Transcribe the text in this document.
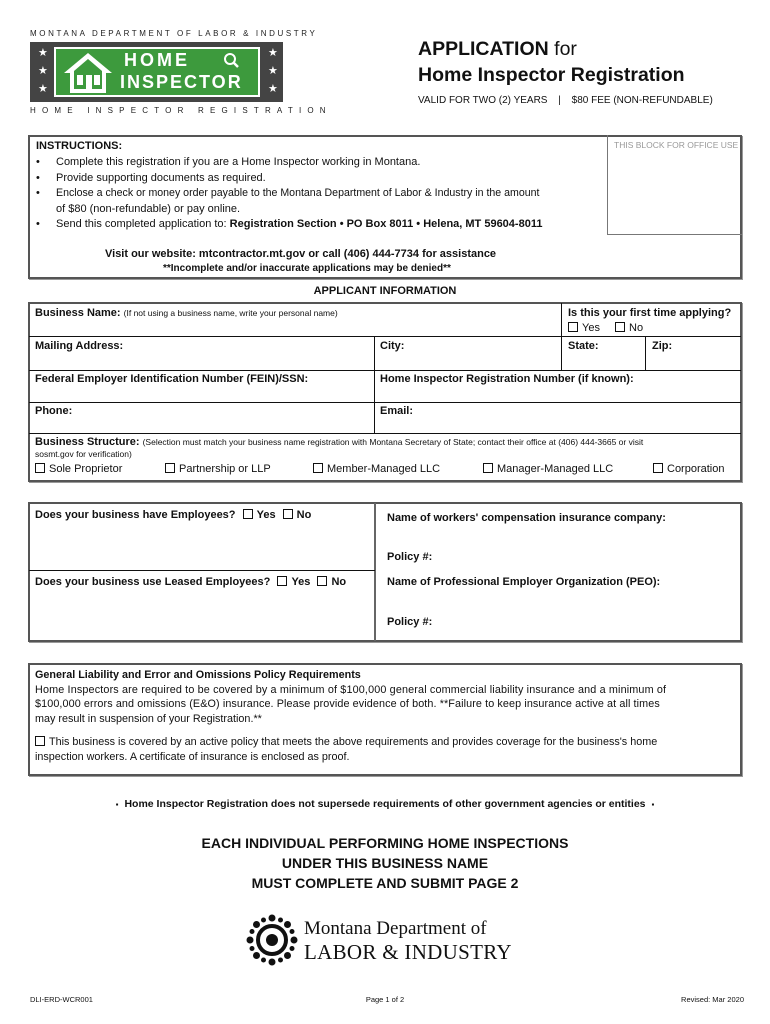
MONTANA DEPARTMENT OF LABOR & INDUSTRY
★
★
★
★
★
★
HOME
INSPECTOR
HOME INSPECTOR REGISTRATION
APPLICATION for
Home Inspector Registration
VALID FOR TWO (2) YEARS | $80 FEE (NON-REFUNDABLE)
THIS BLOCK FOR OFFICE USE
INSTRUCTIONS:
• Complete this registration if you are a Home Inspector working in Montana.
• Provide supporting documents as required.
• Enclose a check or money order payable to the Montana Department of Labor & Industry in the amount
of $80 (non-refundable) or pay online.
• Send this completed application to: Registration Section • PO Box 8011 • Helena, MT 59604-8011
Visit our website: mtcontractor.mt.gov or call (406) 444-7734 for assistance
**Incomplete and/or inaccurate applications may be denied**
APPLICANT INFORMATION
Business Name: (If not using a business name, write your personal name)	Is this your first time applying?
Yes	No
Mailing Address:	City:	State:	Zip:
Federal Employer Identification Number (FEIN)/SSN:	Home Inspector Registration Number (if known):
Phone:	Email:
Business Structure: (Selection must match your business name registration with Montana Secretary of State; contact their office at (406) 444-3665 or visit
sosmt.gov for verification)
Sole Proprietor	Partnership or LLP	Member-Managed LLC	Manager-Managed LLC	Corporation
Does your business have Employees? Yes No	Name of workers' compensation insurance company:
Policy #:
Does your business use Leased Employees? Yes No	Name of Professional Employer Organization (PEO):
Policy #:
General Liability and Error and Omissions Policy Requirements
Home Inspectors are required to be covered by a minimum of $100,000 general commercial liability insurance and a minimum of
$100,000 errors and omissions (E&O) insurance. Please provide evidence of both. **Failure to keep insurance active at all times
may result in suspension of your Registration.**
This business is covered by an active policy that meets the above requirements and provides coverage for the business's home
inspection workers. A certificate of insurance is enclosed as proof.
▪ Home Inspector Registration does not supersede requirements of other government agencies or entities ▪
EACH INDIVIDUAL PERFORMING HOME INSPECTIONS
UNDER THIS BUSINESS NAME
MUST COMPLETE AND SUBMIT PAGE 2
Montana Department of
LABOR & INDUSTRY
DLI-ERD-WCR001	Page 1 of 2	Revised: Mar 2020
